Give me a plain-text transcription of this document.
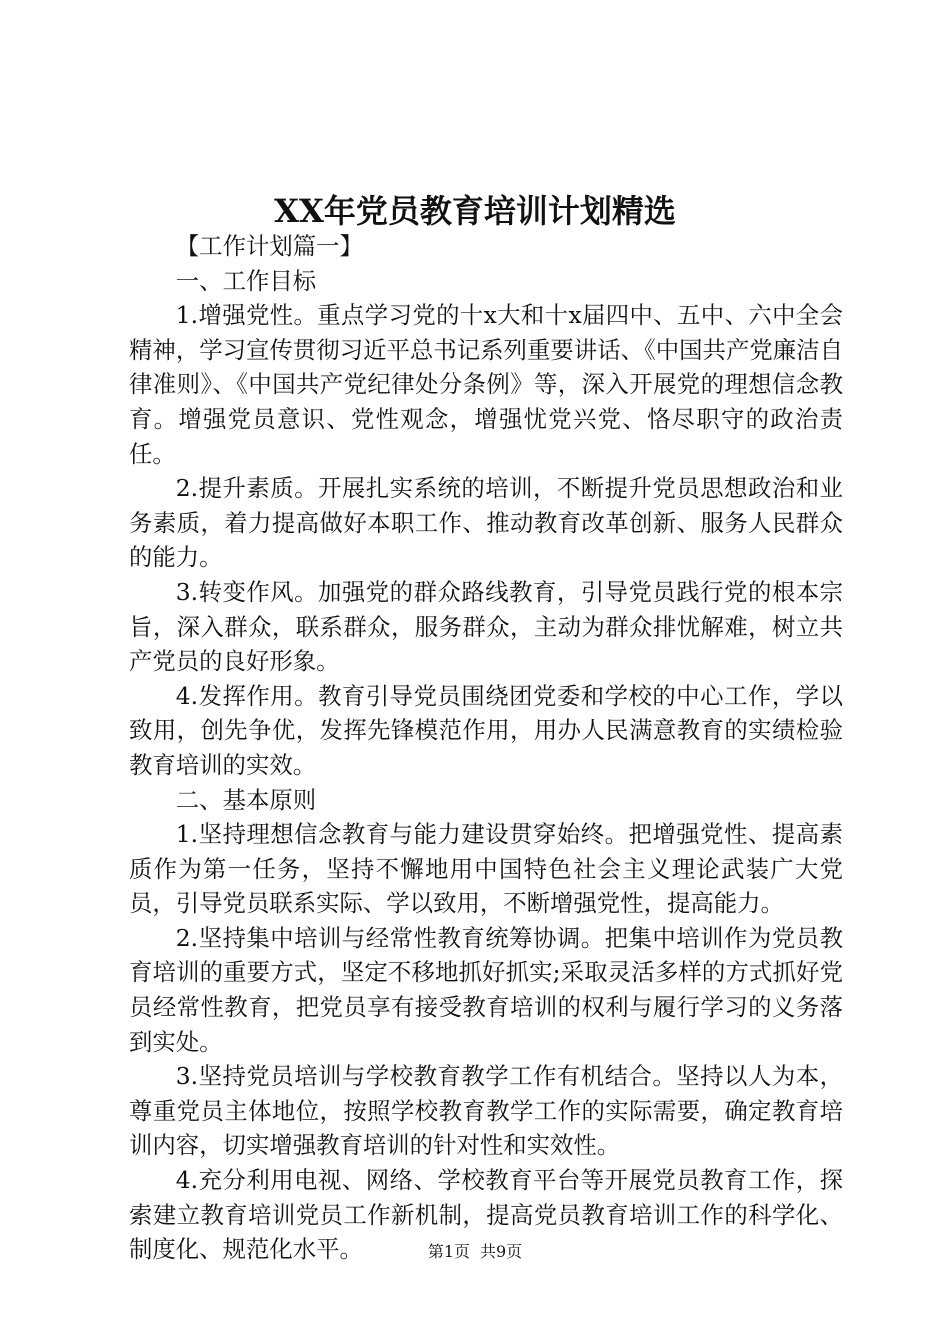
XX年党员教育培训计划精选

【工作计划篇一】

一、工作目标

1.增强党性。重点学习党的十x大和十x届四中、五中、六中全会精神，学习宣传贯彻习近平总书记系列重要讲话、《中国共产党廉洁自律准则》、《中国共产党纪律处分条例》等，深入开展党的理想信念教育。增强党员意识、党性观念，增强忧党兴党、恪尽职守的政治责任。

2.提升素质。开展扎实系统的培训，不断提升党员思想政治和业务素质，着力提高做好本职工作、推动教育改革创新、服务人民群众的能力。

3.转变作风。加强党的群众路线教育，引导党员践行党的根本宗旨，深入群众，联系群众，服务群众，主动为群众排忧解难，树立共产党员的良好形象。

4.发挥作用。教育引导党员围绕团党委和学校的中心工作，学以致用，创先争优，发挥先锋模范作用，用办人民满意教育的实绩检验教育培训的实效。

二、基本原则

1.坚持理想信念教育与能力建设贯穿始终。把增强党性、提高素质作为第一任务，坚持不懈地用中国特色社会主义理论武装广大党员，引导党员联系实际、学以致用，不断增强党性，提高能力。

2.坚持集中培训与经常性教育统筹协调。把集中培训作为党员教育培训的重要方式，坚定不移地抓好抓实;采取灵活多样的方式抓好党员经常性教育，把党员享有接受教育培训的权利与履行学习的义务落到实处。

3.坚持党员培训与学校教育教学工作有机结合。坚持以人为本，尊重党员主体地位，按照学校教育教学工作的实际需要，确定教育培训内容，切实增强教育培训的针对性和实效性。

4.充分利用电视、网络、学校教育平台等开展党员教育工作，探索建立教育培训党员工作新机制，提高党员教育培训工作的科学化、制度化、规范化水平。	第1页 共9页
